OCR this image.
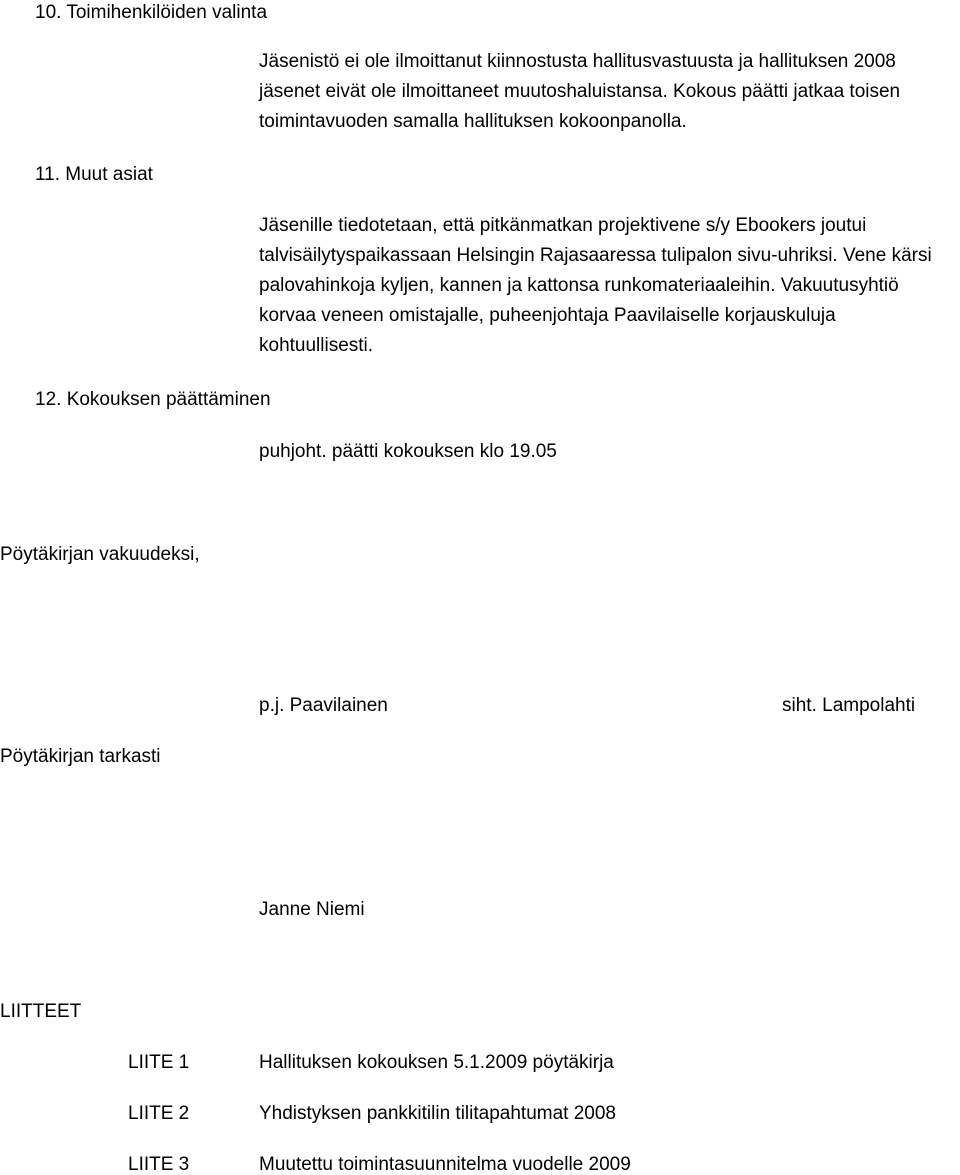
10. Toimihenkilöiden valinta
Jäsenistö ei ole ilmoittanut kiinnostusta hallitusvastuusta ja hallituksen 2008
jäsenet eivät ole ilmoittaneet muutoshaluistansa. Kokous päätti jatkaa toisen
toimintavuoden samalla hallituksen kokoonpanolla.
11. Muut asiat
Jäsenille tiedotetaan, että pitkänmatkan projektivene s/y Ebookers joutui
talvisäilytyspaikassaan Helsingin Rajasaaressa tulipalon sivu-uhriksi. Vene kärsi
palovahinkoja kyljen, kannen ja kattonsa runkomateriaaleihin. Vakuutusyhtiö
korvaa veneen omistajalle, puheenjohtaja Paavilaiselle korjauskuluja
kohtuullisesti.
12. Kokouksen päättäminen
puhjoht. päätti kokouksen klo 19.05
Pöytäkirjan vakuudeksi,
p.j. Paavilainen	siht. Lampolahti
Pöytäkirjan tarkasti
Janne Niemi
LIITTEET
LIITE 1	Hallituksen kokouksen 5.1.2009 pöytäkirja
LIITE 2	Yhdistyksen pankkitilin tilitapahtumat 2008
LIITE 3	Muutettu toimintasuunnitelma vuodelle 2009
